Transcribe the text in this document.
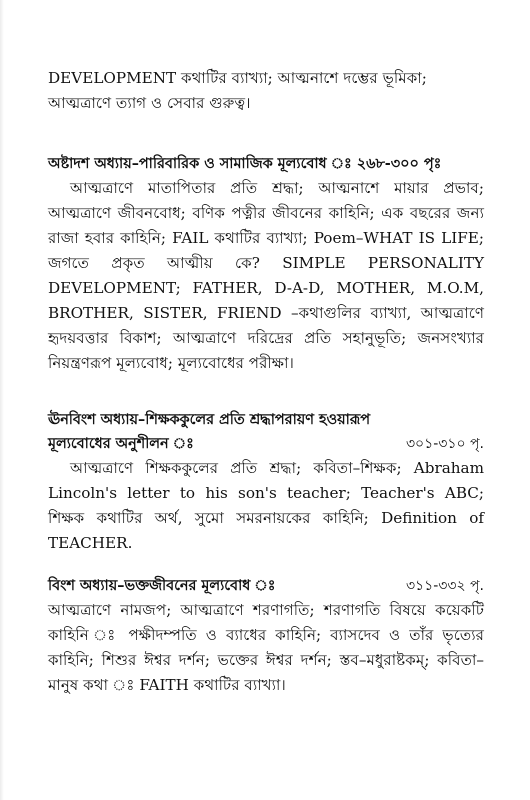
DEVELOPMENT কথাটির ব্যাখ্যা; আত্মনাশে দম্ভের ভূমিকা;
আত্মত্রাণে ত্যাগ ও সেবার গুরুত্ব।

অষ্টাদশ অধ্যায়–পারিবারিক ও সামাজিক মূল্যবোধ ঃ ২৬৮-৩০০ পৃঃ

আত্মত্রাণে মাতাপিতার প্রতি শ্রদ্ধা; আত্মনাশে মায়ার প্রভাব; আত্মত্রাণে জীবনবোধ; বণিক পত্নীর জীবনের কাহিনি; এক বছরের জন্য রাজা হবার কাহিনি; FAIL কথাটির ব্যাখ্যা; Poem–WHAT IS LIFE; জগতে প্রকৃত আত্মীয় কে? SIMPLE PERSONALITY DEVELOPMENT; FATHER, D-A-D, MOTHER, M.O.M, BROTHER, SISTER, FRIEND –কথাগুলির ব্যাখ্যা, আত্মত্রাণে হৃদয়বত্তার বিকাশ; আত্মত্রাণে দরিদ্রের প্রতি সহানুভূতি; জনসংখ্যার নিয়ন্ত্রণরূপ মূল্যবোধ; মূল্যবোধের পরীক্ষা।

ঊনবিংশ অধ্যায়–শিক্ষককুলের প্রতি শ্রদ্ধাপরায়ণ হওয়ারূপ

মূল্যবোধের অনুশীলন ঃ	৩০১-৩১০ পৃ.

আত্মত্রাণে শিক্ষককুলের প্রতি শ্রদ্ধা; কবিতা–শিক্ষক; Abraham Lincoln's letter to his son's teacher; Teacher's ABC; শিক্ষক কথাটির অর্থ, সুমো সমরনায়কের কাহিনি; Definition of TEACHER.

বিংশ অধ্যায়–ভক্তজীবনের মূল্যবোধ ঃ	৩১১-৩৩২ পৃ.

আত্মত্রাণে নামজপ; আত্মত্রাণে শরণাগতি; শরণাগতি বিষয়ে কয়েকটি কাহিনি ঃ পক্ষীদম্পতি ও ব্যাধের কাহিনি; ব্যাসদেব ও তাঁর ভৃত্যের কাহিনি; শিশুর ঈশ্বর দর্শন; ভক্তের ঈশ্বর দর্শন; স্তব–মধুরাষ্টকম্; কবিতা–মানুষ কথা ঃ FAITH কথাটির ব্যাখ্যা।
